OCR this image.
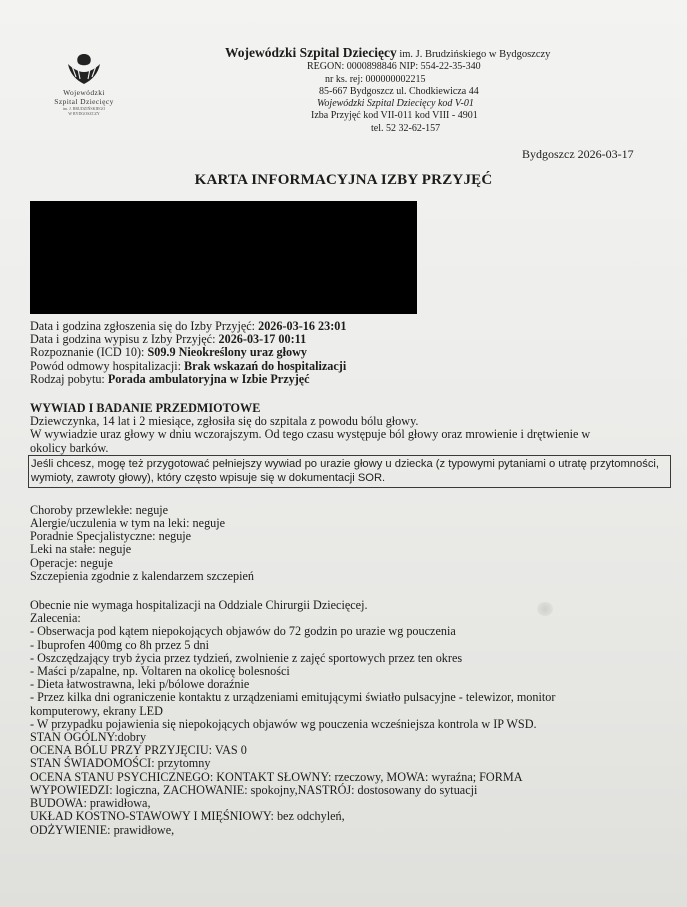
Wojewódzki
Szpital Dziecięcy
im. J. BRUDZIŃSKIEGO
W BYDGOSZCZY
Wojewódzki Szpital Dziecięcy im. J. Brudzińskiego w Bydgoszczy
REGON: 0000898846 NIP: 554-22-35-340
nr ks. rej: 000000002215
85-667 Bydgoszcz ul. Chodkiewicza 44
Wojewódzki Szpital Dziecięcy kod V-01
Izba Przyjęć kod VII-011 kod VIII - 4901
tel. 52 32-62-157
Bydgoszcz 2026-03-17
KARTA INFORMACYJNA IZBY PRZYJĘĆ

Data i godzina zgłoszenia się do Izby Przyjęć: 2026-03-16 23:01

Data i godzina wypisu z Izby Przyjęć: 2026-03-17 00:11

Rozpoznanie (ICD 10): S09.9 Nieokreślony uraz głowy

Powód odmowy hospitalizacji: Brak wskazań do hospitalizacji

Rodzaj pobytu: Porada ambulatoryjna w Izbie Przyjęć

WYWIAD I BADANIE PRZEDMIOTOWE

Dziewczynka, 14 lat i 2 miesiące, zgłosiła się do szpitala z powodu bólu głowy.

W wywiadzie uraz głowy w dniu wczorajszym. Od tego czasu występuje ból głowy oraz mrowienie i drętwienie w

okolicy barków.

Jeśli chcesz, mogę też przygotować pełniejszy wywiad po urazie głowy u dziecka (z typowymi pytaniami o utratę przytomności, wymioty, zawroty głowy), który często wpisuje się w dokumentacji SOR.

Choroby przewlekłe: neguje

Alergie/uczulenia w tym na leki: neguje

Poradnie Specjalistyczne: neguje

Leki na stałe: neguje

Operacje: neguje

Szczepienia zgodnie z kalendarzem szczepień

Obecnie nie wymaga hospitalizacji na Oddziale Chirurgii Dziecięcej.

Zalecenia:

- Obserwacja pod kątem niepokojących objawów do 72 godzin po urazie wg pouczenia

- Ibuprofen 400mg co 8h przez 5 dni

- Oszczędzający tryb życia przez tydzień, zwolnienie z zajęć sportowych przez ten okres

- Maści p/zapalne, np. Voltaren na okolicę bolesności

- Dieta łatwostrawna, leki p/bólowe doraźnie

- Przez kilka dni ograniczenie kontaktu z urządzeniami emitującymi światło pulsacyjne - telewizor, monitor

komputerowy, ekrany LED

- W przypadku pojawienia się niepokojących objawów wg pouczenia wcześniejsza kontrola w IP WSD.

STAN OGÓLNY:dobry

OCENA BÓLU PRZY PRZYJĘCIU: VAS 0

STAN ŚWIADOMOŚCI: przytomny

OCENA STANU PSYCHICZNEGO: KONTAKT SŁOWNY: rzeczowy, MOWA: wyraźna; FORMA

WYPOWIEDZI: logiczna, ZACHOWANIE: spokojny,NASTRÓJ: dostosowany do sytuacji

BUDOWA: prawidłowa,

UKŁAD KOSTNO-STAWOWY I MIĘŚNIOWY: bez odchyleń,

ODŻYWIENIE: prawidłowe,
